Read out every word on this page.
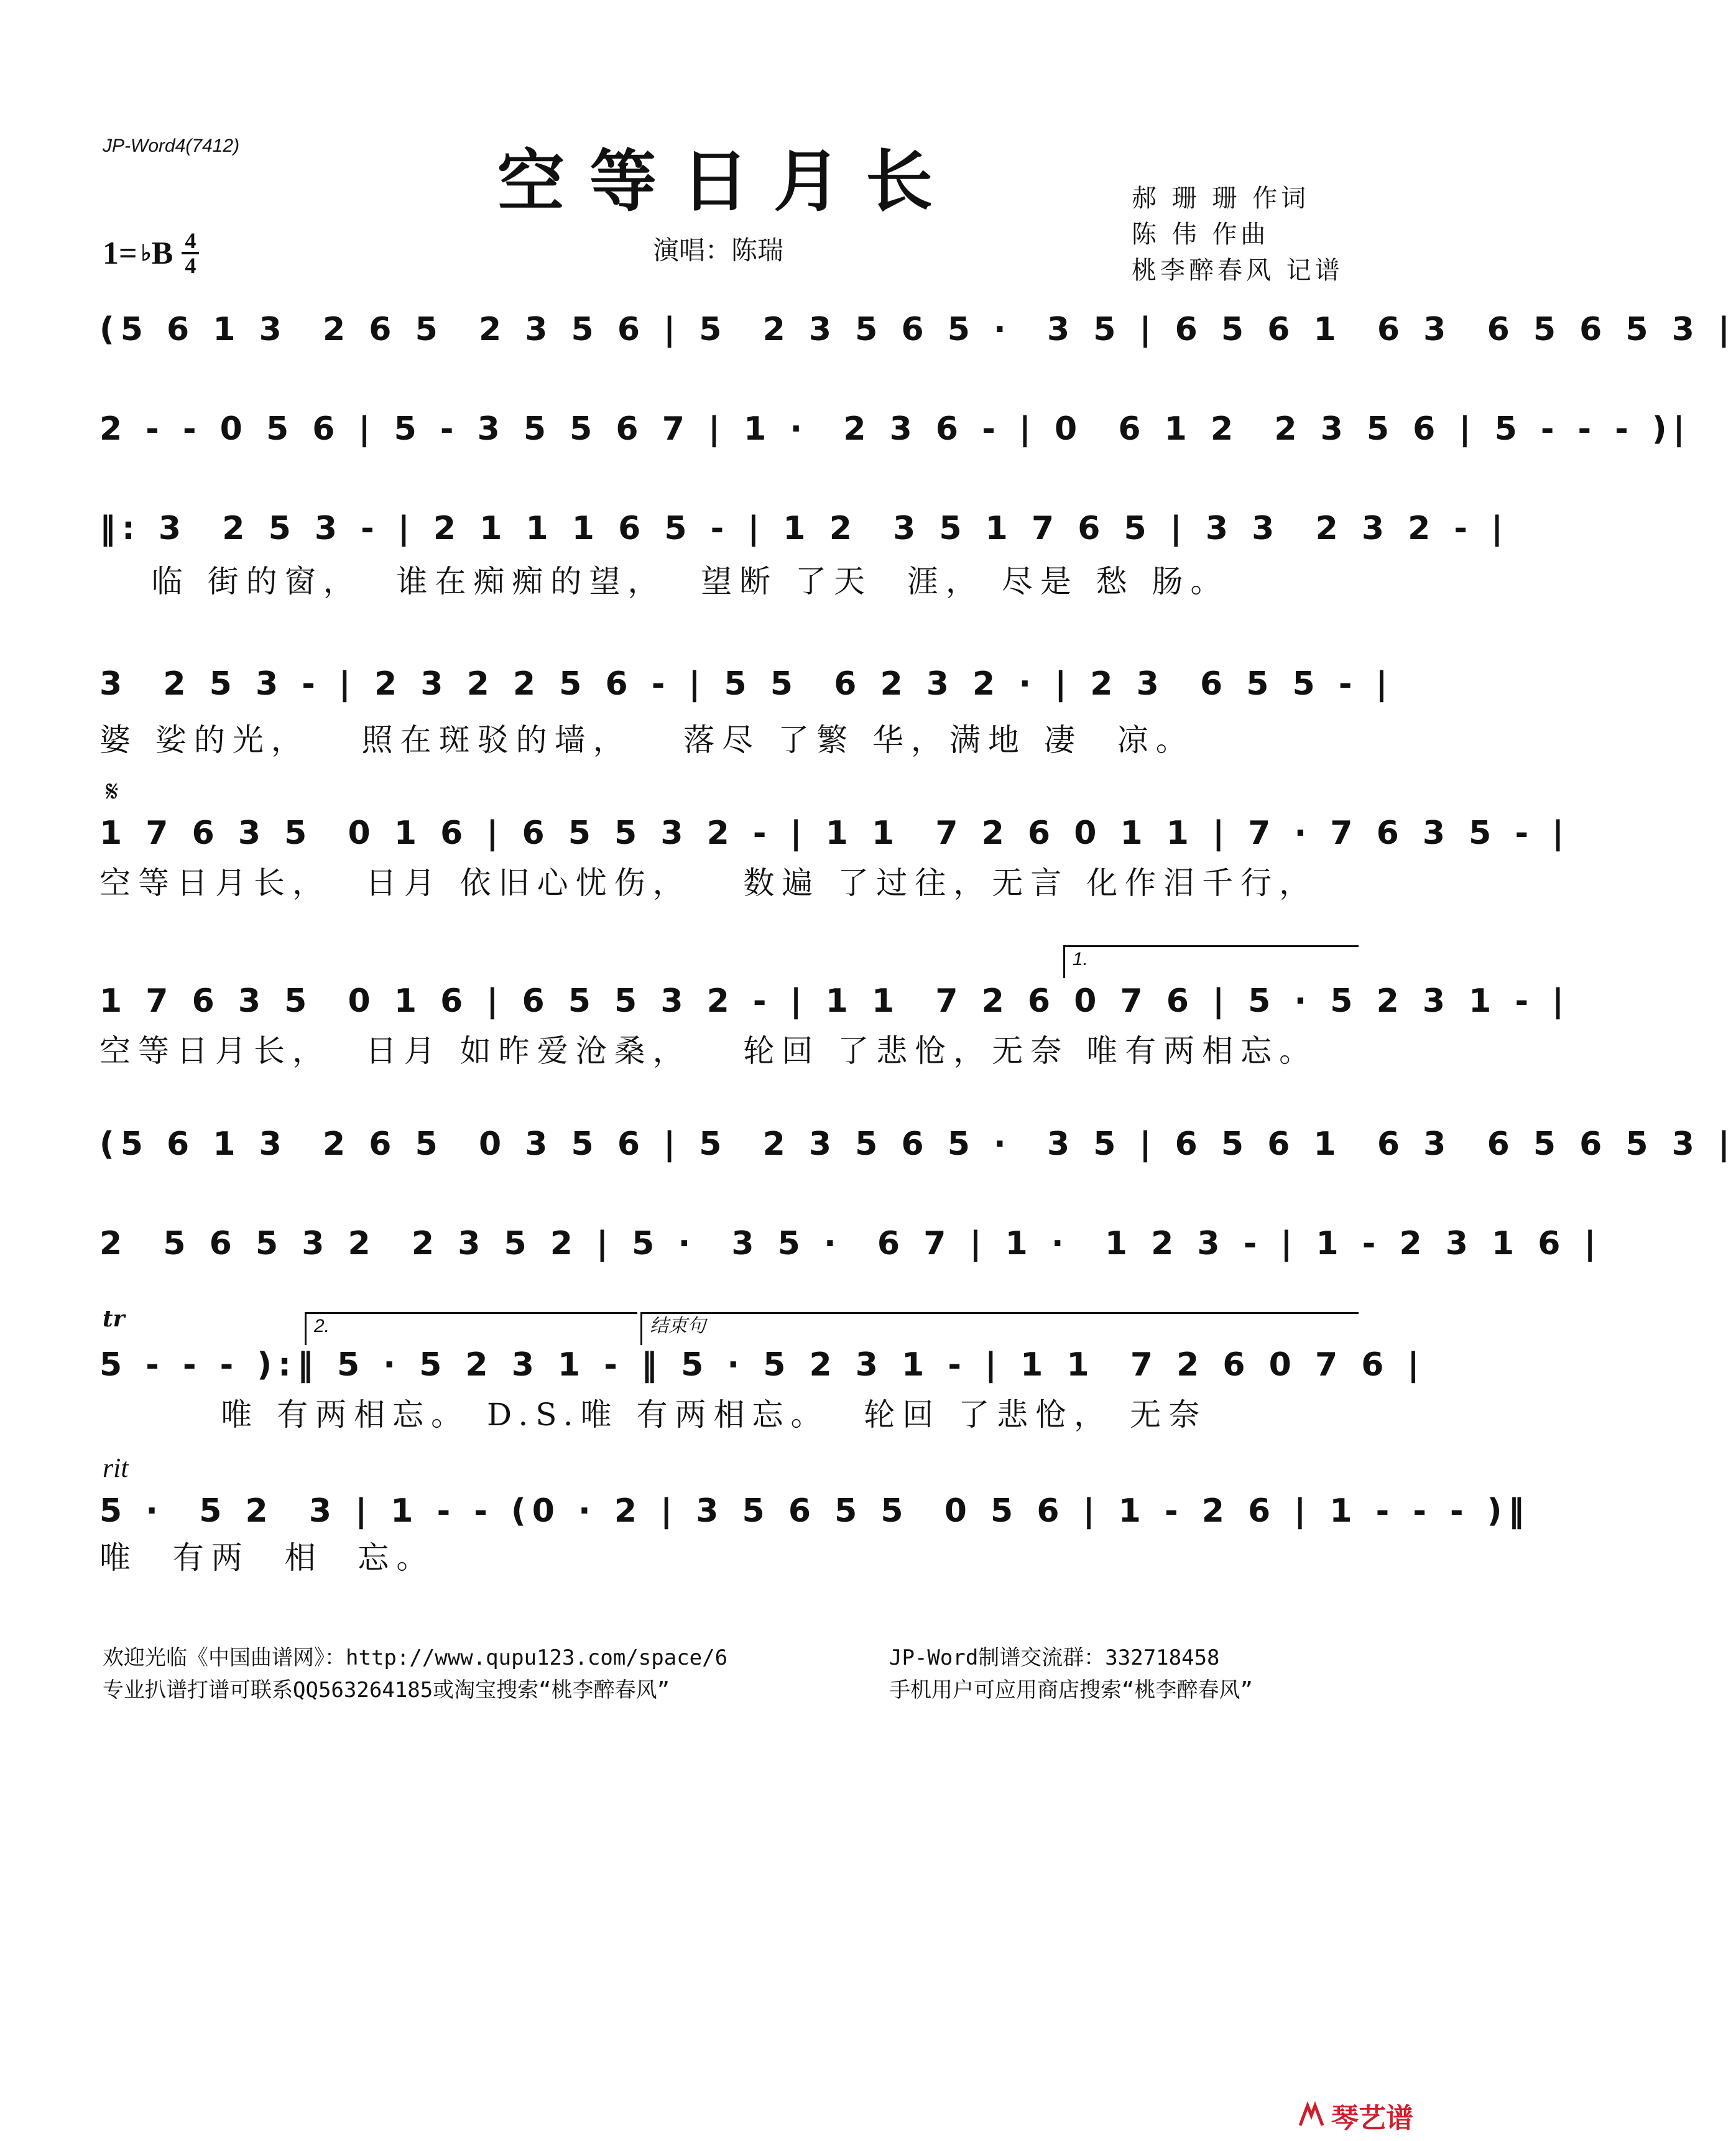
JP-Word4(7412)	空等日月长	郝 珊 珊 作词
陈 伟 作曲
桃李醉春风 记谱
1= ♭ B 4
4	演唱：陈瑞
(5 6 1 3  2 6 5  2 3 5 6 | 5  2 3 5 6 5 ·  3 5 | 6 5 6 1  6 3  6 5 6 5 3 |
2 - - 0 5 6 | 5 - 3 5 5 6 7 | 1 ·  2 3 6 - | 0  6 1 2  2 3 5 6 | 5 - - - )|
‖: 3  2 5 3 - | 2 1 1 1 6 5 - | 1 2  3 5 1 7 6 5 | 3 3  2 3 2 - |
临 街的窗，  谁在痴痴的望，  望断 了天  涯， 尽是 愁 肠。
3  2 5 3 - | 2 3 2 2 5 6 - | 5 5  6 2 3 2 · | 2 3  6 5 5 - |
婆 娑的光，   照在斑驳的墙，   落尽 了繁 华，满地 凄  凉。
𝄋
1 7 6 3 5  0 1 6 | 6 5 5 3 2 - | 1 1  7 2 6 0 1 1 | 7 · 7 6 3 5 - |
空等日月长，  日月 依旧心忧伤，   数遍 了过往，无言 化作泪千行，
1.
1 7 6 3 5  0 1 6 | 6 5 5 3 2 - | 1 1  7 2 6 0 7 6 | 5 · 5 2 3 1 - |
空等日月长，  日月 如昨爱沧桑，   轮回 了悲怆，无奈 唯有两相忘。
(5 6 1 3  2 6 5  0 3 5 6 | 5  2 3 5 6 5 ·  3 5 | 6 5 6 1  6 3  6 5 6 5 3 |
2  5 6 5 3 2  2 3 5 2 | 5 ·  3 5 ·  6 7 | 1 ·  1 2 3 - | 1 - 2 3 1 6 |
tr	2.	结束句
5 - - - ):‖ 5 · 5 2 3 1 - ‖ 5 · 5 2 3 1 - | 1 1  7 2 6 0 7 6 |
唯 有两相忘。 D.S.唯 有两相忘。  轮回 了悲怆， 无奈
rit
5 ·  5 2  3 | 1 - - (0 · 2 | 3 5 6 5 5  0 5 6 | 1 - 2 6 | 1 - - - )‖
唯  有两  相  忘。
欢迎光临《中国曲谱网》：http://www.qupu123.com/space/6
专业扒谱打谱可联系QQ563264185或淘宝搜索“桃李醉春风”
JP-Word制谱交流群：332718458
手机用户可应用商店搜索“桃李醉春风”
琴艺谱
